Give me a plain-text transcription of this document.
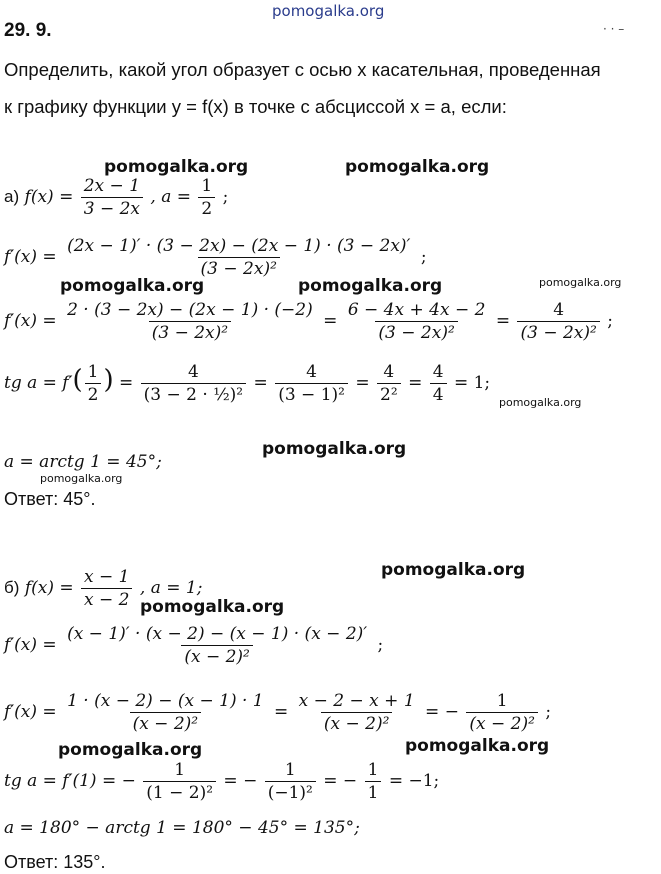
pomogalka.org
· · –
29. 9.
Определить, какой угол образует с осью x касательная, проведенная
к графику функции y = f(x) в точке с абсциссой x = a, если:
а) $f(x) = \frac{2x - 1}{3 - 2x}$ , $a = \frac{1}{2}$ ;
$f'(x) = \frac{(2x - 1)' \cdot (3 - 2x) - (2x - 1) \cdot (3 - 2x)'}{\text{(3 − 2x)²}}$ ;
$f'(x) = \frac{2 \cdot (3 - 2x) - (2x - 1) \cdot (-2)}{\text{(3 − 2x)²}} = \frac{6 - 4x + 4x - 2}{\text{(3 − 2x)²}} = \frac{4}{\text{(3 − 2x)²}}$ ;
tg $a = f'( \frac{1}{2}$ ) = $\frac{4}{\text{(3 − 2 · ½)²}} = \frac{4}{\text{(3 − 1)²}} = \frac{4}{\text{2²}} = \frac{4}{4} = 1$;
a = arctg 1 = 45°;
Ответ: 45°.
б) $f(x) = \frac{x - 1}{x - 2}$ , a = 1;
$f'(x) = \frac{(x - 1)' \cdot (x - 2) - (x - 1) \cdot (x - 2)'}{\text{(x − 2)²}}$ ;
$f'(x) = \frac{1 \cdot (x - 2) - (x - 1) \cdot 1}{\text{(x − 2)²}} = \frac{x - 2 - x + 1}{\text{(x − 2)²}}$ = − $\frac{1}{\text{(x − 2)²}}$ ;
tg a = f′(1) = − $\frac{1}{\text{(1 − 2)²}}$ = − $\frac{1}{\text{(−1)²}}$ = − $\frac{1}{1} = -1$;
a = 180° − arctg 1 = 180° − 45° = 135°;
Ответ: 135°.
pomogalka.org	pomogalka.org
pomogalka.org	pomogalka.org	pomogalka.org
pomogalka.org
pomogalka.org
pomogalka.org
pomogalka.org
pomogalka.org
pomogalka.org	pomogalka.org
